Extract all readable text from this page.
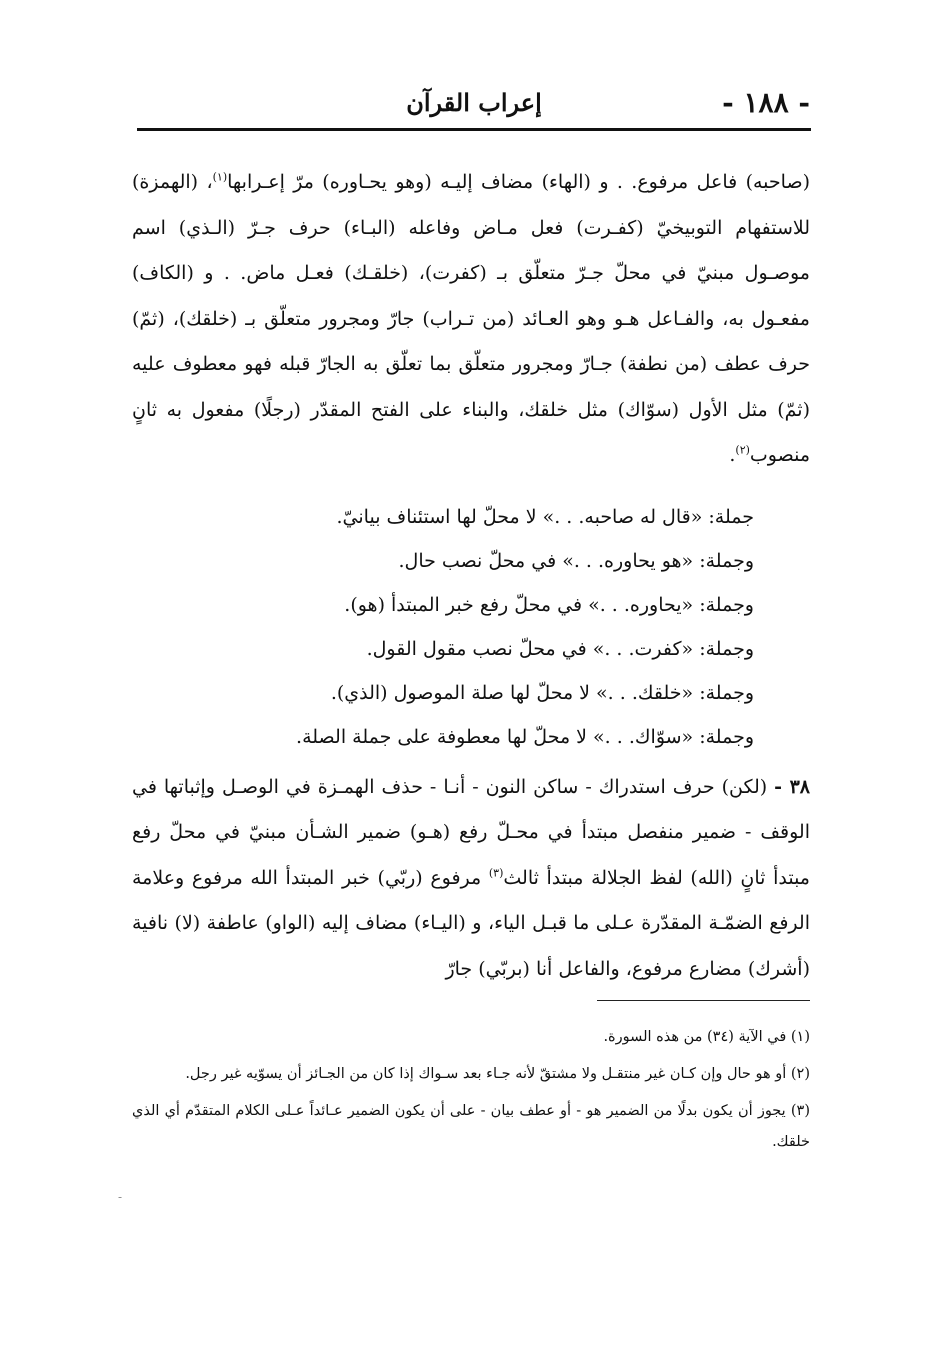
- ١٨٨ -
إعراب القرآن

(صاحبه) فاعل مرفوع. . و (الهاء) مضاف إليـه (وهو يحـاوره) مرّ إعـرابها$^{(١)}$، (الهمزة) للاستفهام التوبيخيّ (كفـرت) فعل مـاض وفاعله (البـاء) حرف جـرّ (الـذي) اسم موصـول مبنيّ في محلّ جـرّ متعلّق بـ (كفرت)، (خلقـك) فعـل ماض. . و (الكاف) مفعـول به، والفـاعل هـو وهو العـائد (من تـراب) جارّ ومجرور متعلّق بـ (خلقك)، (ثمّ) حرف عطف (من نطفة) جـارّ ومجرور متعلّق بما تعلّق به الجارّ قبله فهو معطوف عليه (ثمّ) مثل الأول (سوّاك) مثل خلقك، والبناء على الفتح المقدّر (رجلًا) مفعول به ثانٍ منصوب$^{(٢)}$.

جملة: «قال له صاحبه. . .» لا محلّ لها استئناف بيانيّ.
وجملة: «هو يحاوره. . .» في محلّ نصب حال.
وجملة: «يحاوره. . .» في محلّ رفع خبر المبتدأ (هو).
وجملة: «كفرت. . .» في محلّ نصب مقول القول.
وجملة: «خلقك. . .» لا محلّ لها صلة الموصول (الذي).
وجملة: «سوّاك. . .» لا محلّ لها معطوفة على جملة الصلة.

٣٨ - (لكن) حرف استدراك - ساكن النون - أنـا - حذف الهمـزة في الوصـل وإثباتها في الوقف - ضمير منفصل مبتدأ في محـلّ رفع (هـو) ضمير الشـأن مبنيّ في محلّ رفع مبتدأ ثانٍ (الله) لفظ الجلالة مبتدأ ثالث$^{(٣)}$ مرفوع (ربّي) خبر المبتدأ الله مرفوع وعلامة الرفع الضمّـة المقدّرة عـلى ما قبـل الياء، و (اليـاء) مضاف إليه (الواو) عاطفة (لا) نافية (أشرك) مضارع مرفوع، والفاعل أنا (بربّي) جارّ

(١) في الآية (٣٤) من هذه السورة.

(٢) أو هو حال وإن كـان غير منتقـل ولا مشتقّ لأنه جـاء بعد سـواك إذا كان من الجـائز أن يسوّيه غير رجل.

(٣) يجوز أن يكون بدلًا من الضمير هو - أو عطف بيان - على أن يكون الضمير عـائداً عـلى الكلام المتقدّم أي الذي خلقك.

-
